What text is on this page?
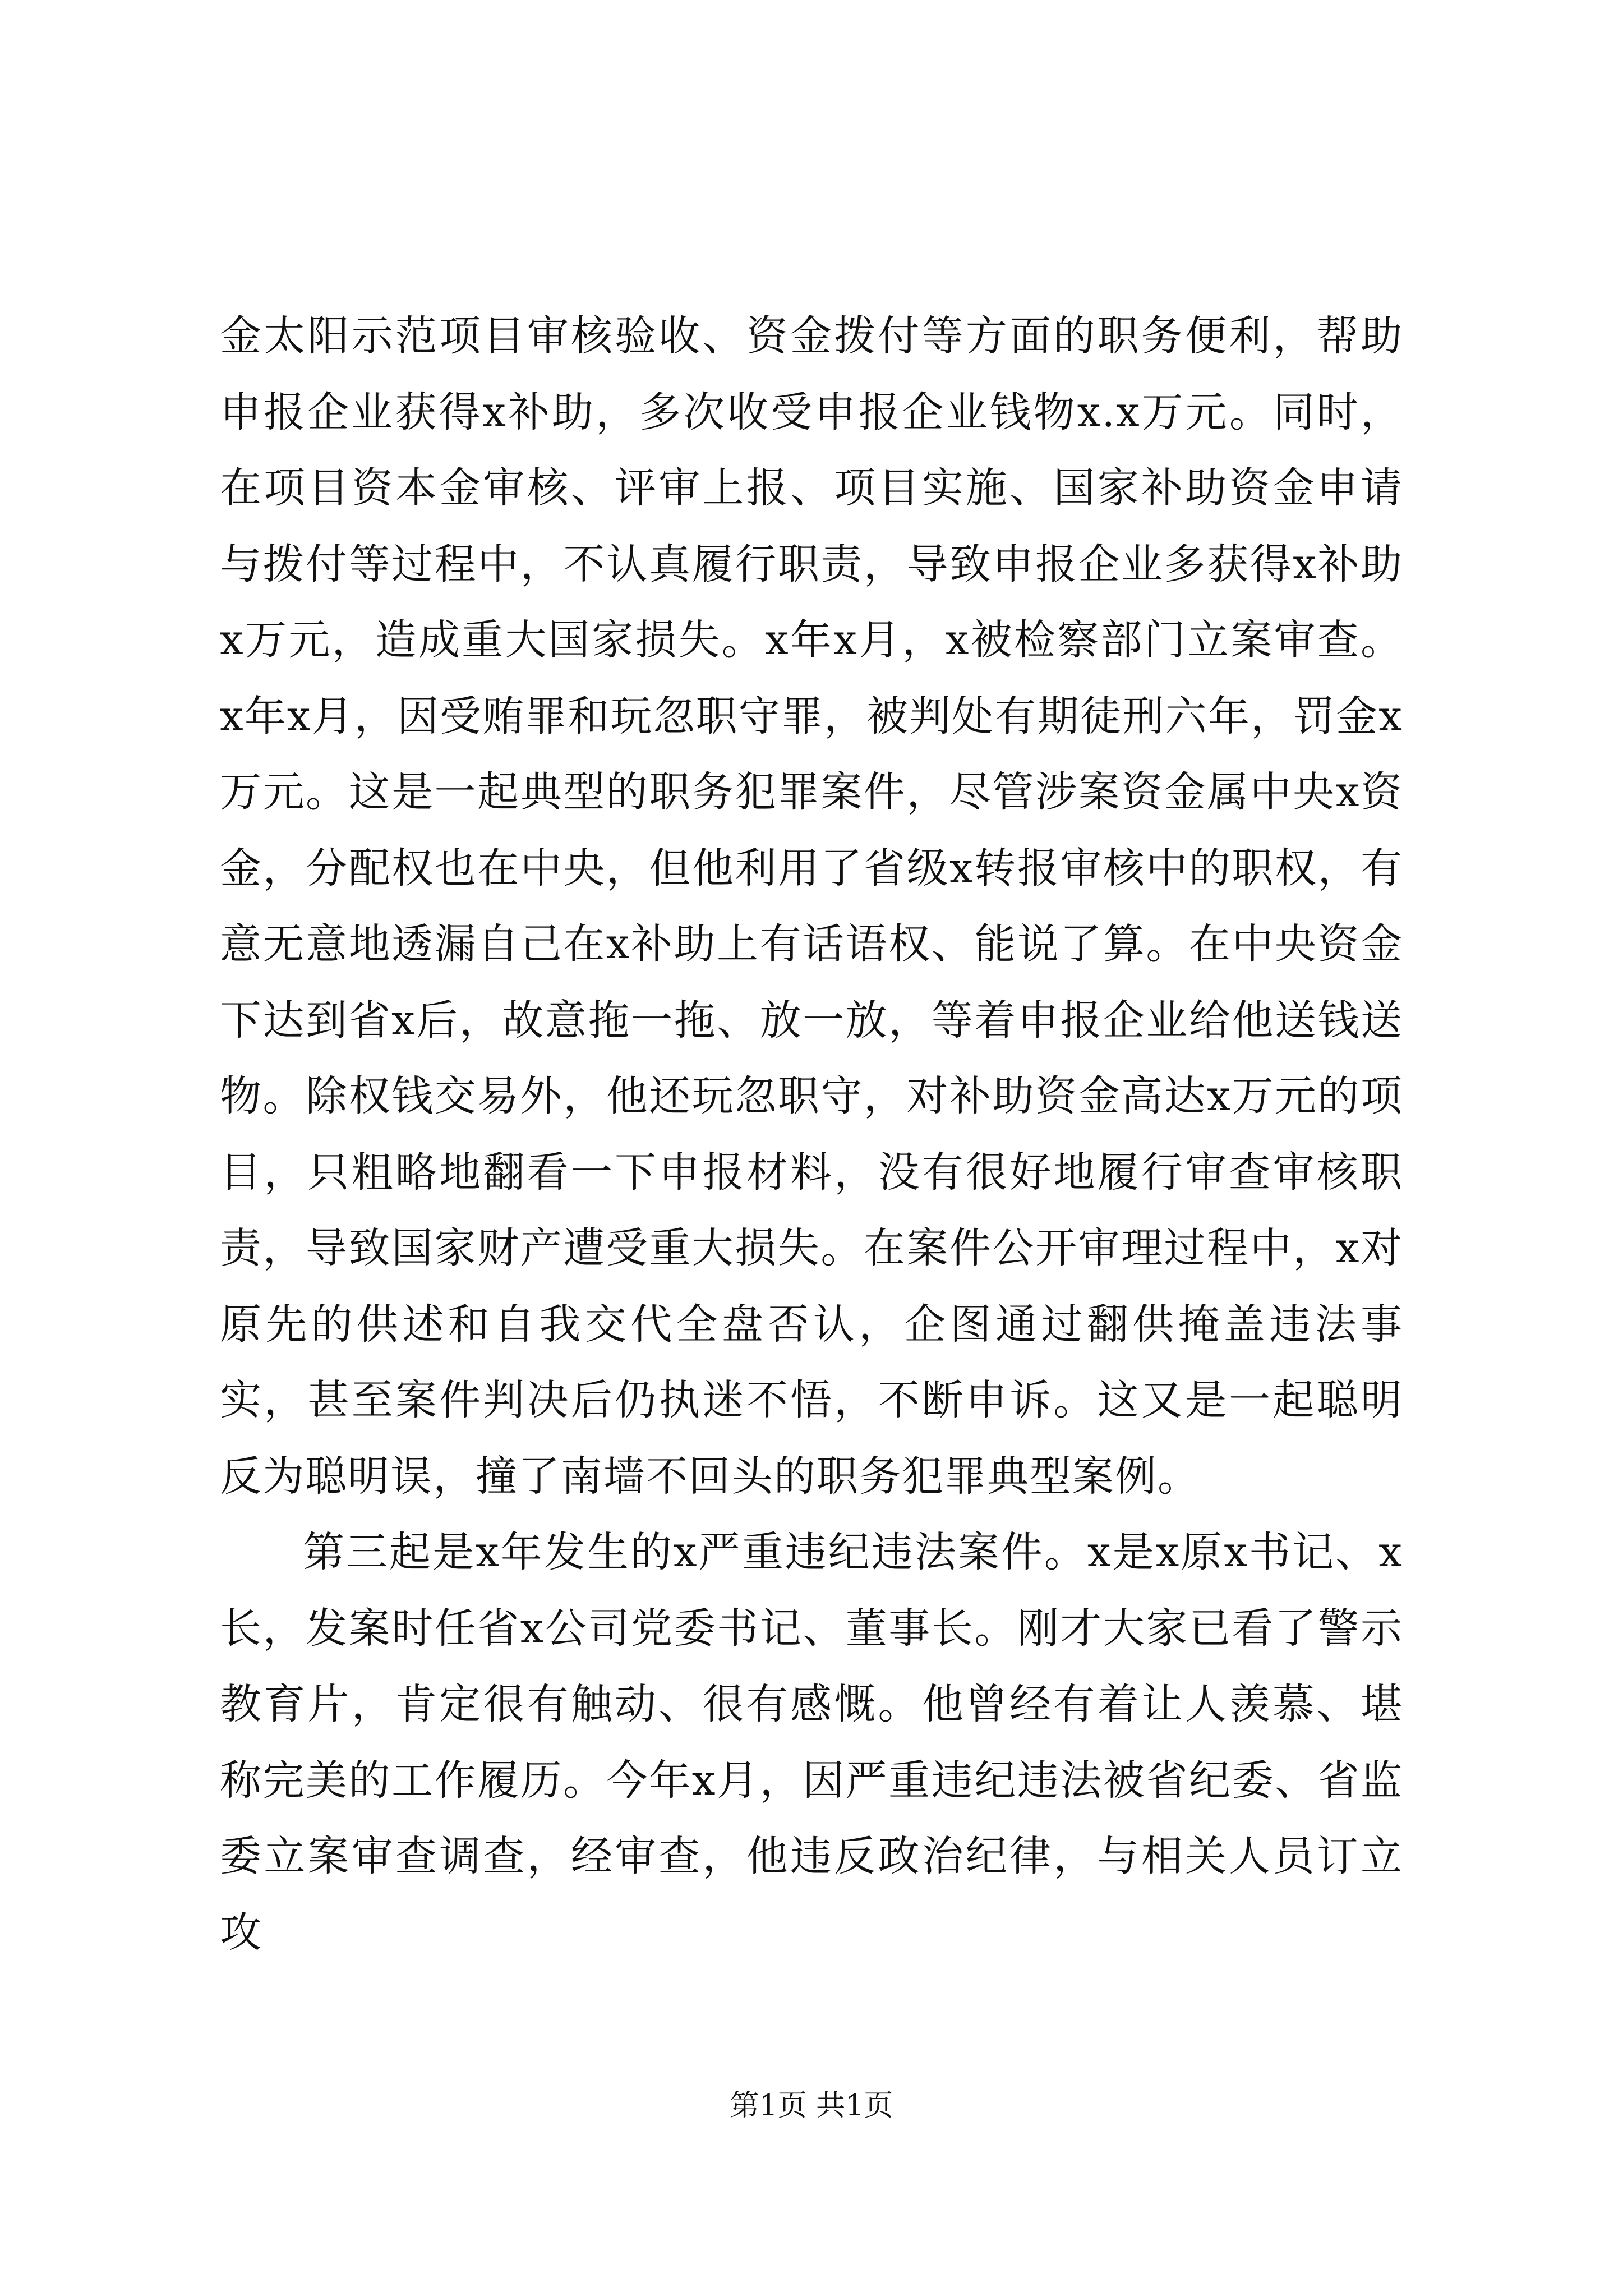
金太阳示范项目审核验收、资金拨付等方面的职务便利，帮助申报企业获得x补助，多次收受申报企业钱物x.x万元。同时，在项目资本金审核、评审上报、项目实施、国家补助资金申请与拨付等过程中，不认真履行职责，导致申报企业多获得x补助x万元，造成重大国家损失。x年x月，x被检察部门立案审查。x年x月，因受贿罪和玩忽职守罪，被判处有期徒刑六年，罚金x万元。这是一起典型的职务犯罪案件，尽管涉案资金属中央x资金，分配权也在中央，但他利用了省级x转报审核中的职权，有意无意地透漏自己在x补助上有话语权、能说了算。在中央资金下达到省x后，故意拖一拖、放一放，等着申报企业给他送钱送物。除权钱交易外，他还玩忽职守，对补助资金高达x万元的项目，只粗略地翻看一下申报材料，没有很好地履行审查审核职责，导致国家财产遭受重大损失。在案件公开审理过程中，x对原先的供述和自我交代全盘否认，企图通过翻供掩盖违法事实，甚至案件判决后仍执迷不悟，不断申诉。这又是一起聪明反为聪明误，撞了南墙不回头的职务犯罪典型案例。

第三起是x年发生的x严重违纪违法案件。x是x原x书记、x长，发案时任省x公司党委书记、董事长。刚才大家已看了警示教育片，肯定很有触动、很有感慨。他曾经有着让人羡慕、堪称完美的工作履历。今年x月，因严重违纪违法被省纪委、省监委立案审查调查，经审查，他违反政治纪律，与相关人员订立攻

第1页 共1页
